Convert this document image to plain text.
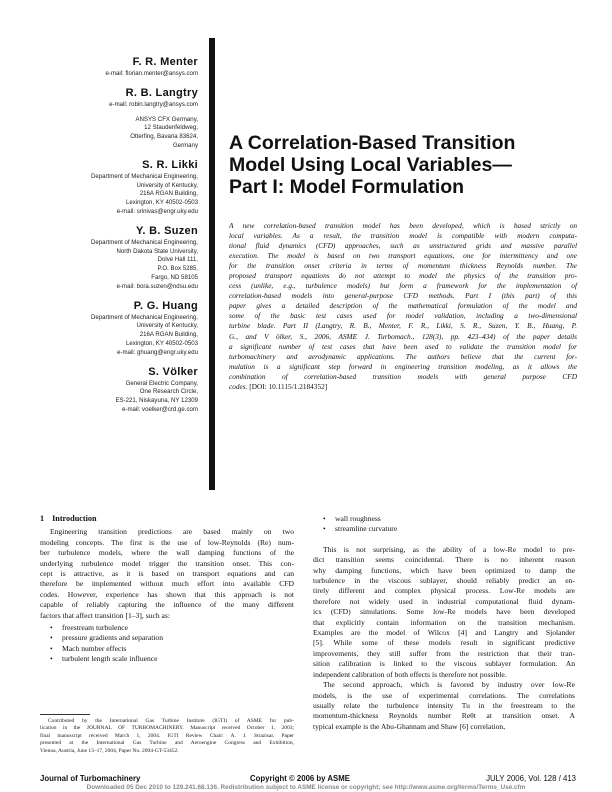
F. R. Menter
e-mail: florian.menter@ansys.com
R. B. Langtry
e-mail: robin.langtry@ansys.com
ANSYS CFX Germany,
12 Staudenfeldweg,
Otterfing, Bavaria 83624,
Germany
S. R. Likki
Department of Mechanical Engineering,
University of Kentucky,
216A RGAN Building,
Lexington, KY 40502-0503
e-mail: srinivas@engr.uky.edu
Y. B. Suzen
Department of Mechanical Engineering,
North Dakota State University,
Dolve Hall 111,
P.O. Box 5285,
Fargo, ND 58105
e-mail: bora.suzen@ndsu.edu
P. G. Huang
Department of Mechanical Engineering,
University of Kentucky,
216A RGAN Building,
Lexington, KY 40502-0503
e-mail: ghuang@engr.uky.edu
S. Völker
General Electric Company,
One Research Circle,
ES-221, Niskayuna, NY 12309
e-mail: voelker@crd.ge.com
A Correlation-Based Transition
Model Using Local Variables—
Part I: Model Formulation
A new correlation-based transition model has been developed, which is based strictly on
local variables. As a result, the transition model is compatible with modern computa-
tional fluid dynamics (CFD) approaches, such as unstructured grids and massive parallel
execution. The model is based on two transport equations, one for intermittency and one
for the transition onset criteria in terms of momentum thickness Reynolds number. The
proposed transport equations do not attempt to model the physics of the transition pro-
cess (unlike, e.g., turbulence models) but form a framework for the implementation of
correlation-based models into general-purpose CFD methods. Part I (this part) of this
paper gives a detailed description of the mathematical formulation of the model and
some of the basic test cases used for model validation, including a two-dimensional
turbine blade. Part II (Langtry, R. B., Menter, F. R., Likki, S. R., Suzen, Y. B., Huang, P.
G., and V ölker, S., 2006, ASME J. Turbomach., 128(3), pp. 423–434) of the paper details
a significant number of test cases that have been used to validate the transition model for
turbomachinery and aerodynamic applications. The authors believe that the current for-
mulation is a significant step forward in engineering transition modeling, as it allows the
combination of correlation-based transition models with general purpose CFD
codes. [DOI: 10.1115/1.2184352]
1 Introduction
Engineering transition predictions are based mainly on two
modeling concepts. The first is the use of low-Reynolds (Re) num-
ber turbulence models, where the wall damping functions of the
underlying turbulence model trigger the transition onset. This con-
cept is attractive, as it is based on transport equations and can
therefore be implemented without much effort into available CFD
codes. However, experience has shown that this approach is not
capable of reliably capturing the influence of the many different
factors that affect transition [1–3], such as:
• freestream turbulence
• pressure gradients and separation
• Mach number effects
• turbulent length scale influence
• wall roughness
• streamline curvature
This is not surprising, as the ability of a low-Re model to pre-
dict transition seems coincidental. There is no inherent reason
why damping functions, which have been optimized to damp the
turbulence in the viscous sublayer, should reliably predict an en-
tirely different and complex physical process. Low-Re models are
therefore not widely used in industrial computational fluid dynam-
ics (CFD) simulations. Some low-Re models have been developed
that explicitly contain information on the transition mechanism.
Examples are the model of Wilcox [4] and Langtry and Sjolander
[5]. While some of these models result in significant predictive
improvements, they still suffer from the restriction that their tran-
sition calibration is linked to the viscous sublayer formulation. An
independent calibration of both effects is therefore not possible.
The second approach, which is favored by industry over low-Re
models, is the use of experimental correlations. The correlations
usually relate the turbulence intensity Tu in the freestream to the
momentum-thickness Reynolds number Reθt at transition onset. A
typical example is the Abu-Ghannam and Shaw [6] correlation,
Contributed by the International Gas Turbine Institute (IGTI) of ASME for pub-
lication in the JOURNAL OF TURBOMACHINERY. Manuscript received October 1, 2003;
final manuscript received March 1, 2004. IGTI Review Chair: A. J. Strazisar. Paper
presented at the International Gas Turbine and Aeroengine Congress and Exhibition,
Vienna, Austria, June 13–17, 2004, Paper No. 2004-GT-53452.
Journal of Turbomachinery	Copyright © 2006 by ASME	JULY 2006, Vol. 128 / 413
Downloaded 05 Dec 2010 to 129.241.68.136. Redistribution subject to ASME license or copyright; see http://www.asme.org/terms/Terms_Use.cfm
